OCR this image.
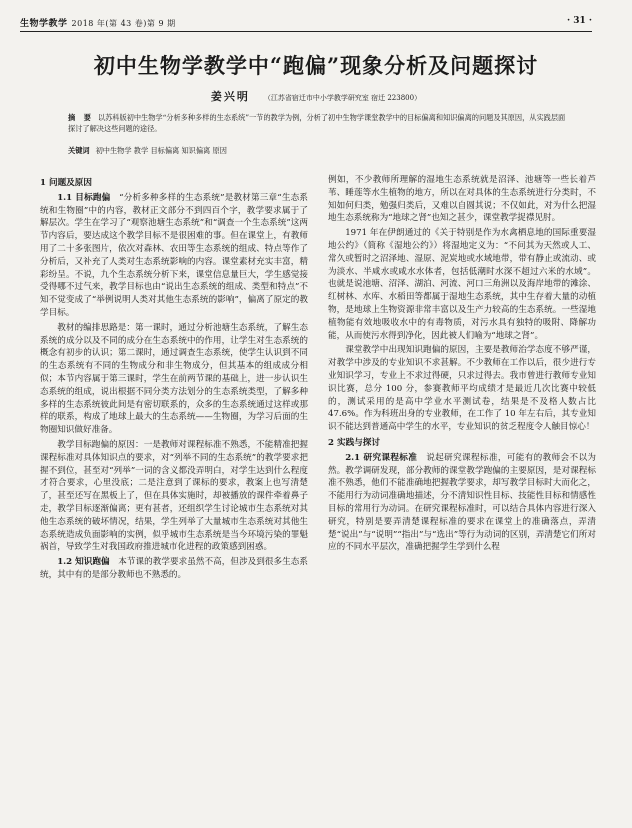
生物学教学 2018 年(第 43 卷)第 9 期	· 31 ·
初中生物学教学中“跑偏”现象分析及问题探讨
姜兴明 （江苏省宿迁市中小学教学研究室 宿迁 223800）
摘 要 以苏科版初中生物学“分析多种多样的生态系统”一节的教学为例，分析了初中生物学课堂教学中的目标偏离和知识偏离的问题及其原因，从实践层面探讨了解决这些问题的途径。
关键词 初中生物学 教学 目标偏离 知识偏离 原因

1 问题及原因

1.1 目标跑偏　 “分析多种多样的生态系统”是教材第三章“生态系统和生物圈”中的内容，教材正文部分不到四百个字，教学要求属于了解层次。学生在学习了“观察池塘生态系统”和“调查一个生态系统”这两节内容后，要达成这个教学目标不是很困难的事。但在课堂上，有教师用了二十多张图片，依次对森林、农田等生态系统的组成、特点等作了分析后，又补充了人类对生态系统影响的内容。课堂素材充实丰富，精彩纷呈。不说，九个生态系统分析下来，课堂信息量巨大，学生感觉接受得哪不过气来，教学目标也由“说出生态系统的组成、类型和特点”不知不觉变成了“举例说明人类对其他生态系统的影响”，偏离了原定的教学目标。

教材的编排思路是：第一课时，通过分析池塘生态系统，了解生态系统的成分以及不同的成分在生态系统中的作用，让学生对生态系统的概念有初步的认识；第二课时，通过调查生态系统，使学生认识到不同的生态系统有不同的生物成分和非生物成分，但其基本的组成成分相似；本节内容属于第三课时，学生在前两节课的基础上，进一步认识生态系统的组成，说出根据不同分类方法划分的生态系统类型，了解多种多样的生态系统彼此间是有密切联系的，众多的生态系统通过这样或那样的联系，构成了地球上最大的生态系统——生物圈，为学习后面的生物圈知识做好准备。

教学目标跑偏的原因：一是教师对课程标准不熟悉，不能精准把握课程标准对具体知识点的要求，对“列举不同的生态系统”的教学要求把握不到位，甚至对“列举”一词的含义都没弄明白，对学生达到什么程度才符合要求，心里没底；二是注意到了课标的要求，教案上也写清楚了，甚至还写在黑板上了，但在具体实施时，却被播放的课件牵着鼻子走，教学目标逐渐偏离；更有甚者，还组织学生讨论城市生态系统对其他生态系统的破坏情况，结果，学生列举了大量城市生态系统对其他生态系统造成负面影响的实例，似乎城市生态系统是当今环境污染的罪魁祸首，导致学生对我国政府推进城市化进程的政策感到困惑。

1.2 知识跑偏　 本节课的教学要求虽然不高，但涉及到很多生态系统，其中有的是部分教师也不熟悉的。

例如，不少教师所理解的湿地生态系统就是沼泽、池塘等一些长着芦苇、睡莲等水生植物的地方，所以在对具体的生态系统进行分类时，不知如何归类，勉强归类后，又难以自圆其说；不仅如此，对为什么把湿地生态系统称为“地球之肾”也知之甚少，课堂教学捉襟见肘。

1971 年在伊朗通过的《关于特别是作为水禽栖息地的国际重要湿地公约》（简称《湿地公约》）将湿地定义为：“不问其为天然或人工、常久或暂时之沼泽地、湿原、泥炭地或水域地带，带有静止或流动、或为淡水、半咸水或咸水水体者，包括低潮时水深不超过六米的水域”。也就是说池塘、沼泽、湖泊、河流、河口三角洲以及海岸地带的滩涂、红树林、水库、水稻田等都属于湿地生态系统，其中生存着大量的动植物，是地球上生物资源非常丰富以及生产力较高的生态系统。一些湿地植物能有效地吸收水中的有毒物质，对污水具有独特的吸附、降解功能，从而使污水得到净化，因此被人们喻为“地球之肾”。

课堂教学中出现知识跑偏的原因，主要是教师治学态度不够严谨，对教学中涉及的专业知识不求甚解。不少教师在工作以后，很少进行专业知识学习，专业上不求过得硬，只求过得去。我市曾进行教师专业知识比赛，总分 100 分，参赛教师平均成绩才是最近几次比赛中较低的，测试采用的是高中学业水平测试卷，结果是不及格人数占比 47.6%。作为科班出身的专业教师，在工作了 10 年左右后，其专业知识不能达到普通高中学生的水平，专业知识的贫乏程度令人触目惊心！

2 实践与探讨

2.1 研究课程标准　 说起研究课程标准，可能有的教师会不以为然。教学调研发现，部分教师的课堂教学跑偏的主要原因，是对课程标准不熟悉，他们不能准确地把握教学要求，却写教学目标时大而化之，不能用行为动词准确地描述，分不清知识性目标、技能性目标和情感性目标的常用行为动词。在研究课程标准时，可以结合具体内容进行深入研究，特别是要弄清楚课程标准的要求在课堂上的准确落点，弄清楚“说出”与“说明”“指出”与“选出”等行为动词的区别，弄清楚它们所对应的不同水平层次，准确把握学生学到什么程
